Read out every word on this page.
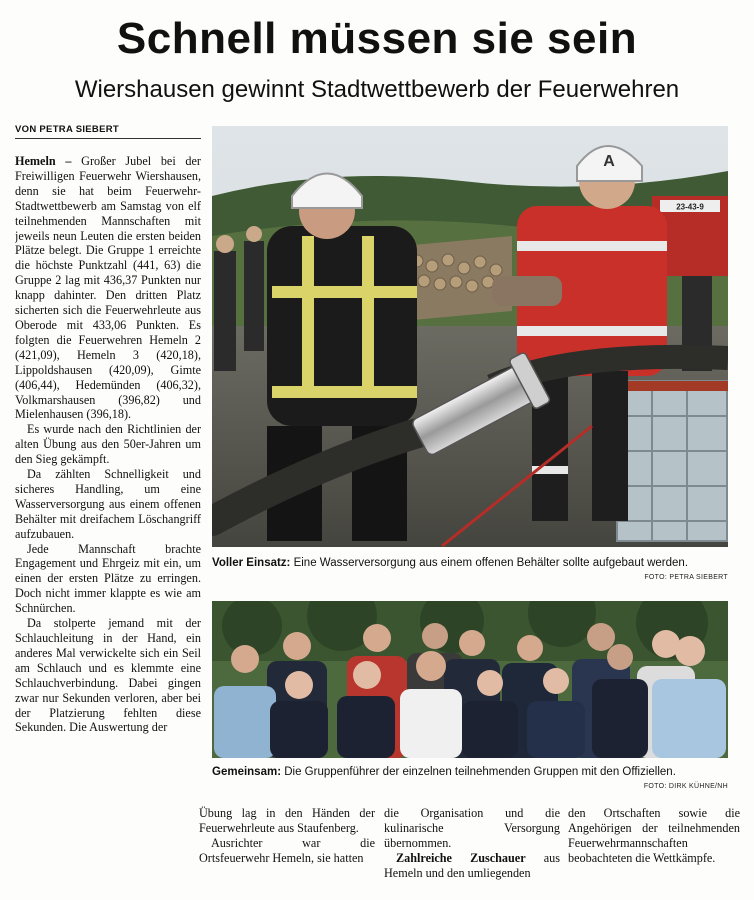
Schnell müssen sie sein
Wiershausen gewinnt Stadtwettbewerb der Feuerwehren
VON PETRA SIEBERT

Hemeln – Großer Jubel bei der Freiwilligen Feuerwehr Wiershausen, denn sie hat beim Feuerwehr-Stadtwettbewerb am Samstag von elf teilnehmenden Mannschaften mit jeweils neun Leuten die ersten beiden Plätze belegt. Die Gruppe 1 erreichte die höchste Punktzahl (441, 63) die Gruppe 2 lag mit 436,37 Punkten nur knapp dahinter. Den dritten Platz sicherten sich die Feuerwehrleute aus Oberode mit 433,06 Punkten. Es folgten die Feuerwehren Hemeln 2 (421,09), Hemeln 3 (420,18), Lippoldshausen (420,09), Gimte (406,44), Hedemünden (406,32), Volkmarshausen (396,82) und Mielenhausen (396,18).

Es wurde nach den Richtlinien der alten Übung aus den 50er-Jahren um den Sieg gekämpft.

Da zählten Schnelligkeit und sicheres Handling, um eine Wasserversorgung aus einem offenen Behälter mit dreifachem Löschangriff aufzubauen.

Jede Mannschaft brachte Engagement und Ehrgeiz mit ein, um einen der ersten Plätze zu erringen. Doch nicht immer klappte es wie am Schnürchen.

Da stolperte jemand mit der Schlauchleitung in der Hand, ein anderes Mal verwickelte sich ein Seil am Schlauch und es klemmte eine Schlauchverbindung. Dabei gingen zwar nur Sekunden verloren, aber bei der Platzierung fehlten diese Sekunden. Die Auswertung der

Übung lag in den Händen der Feuerwehrleute aus Staufenberg.

Ausrichter war die Ortsfeuerwehr Hemeln, sie hatten

die Organisation und die kulinarische Versorgung übernommen.

Zahlreiche Zuschauer aus Hemeln und den umliegenden

den Ortschaften sowie die Angehörigen der teilnehmenden Feuerwehrmannschaften beobachteten die Wettkämpfe.

23-43-9
A
Voller Einsatz: Eine Wasserversorgung aus einem offenen Behälter sollte aufgebaut werden.
FOTO: PETRA SIEBERT
Gemeinsam: Die Gruppenführer der einzelnen teilnehmenden Gruppen mit den Offiziellen.
FOTO: DIRK KÜHNE/NH
